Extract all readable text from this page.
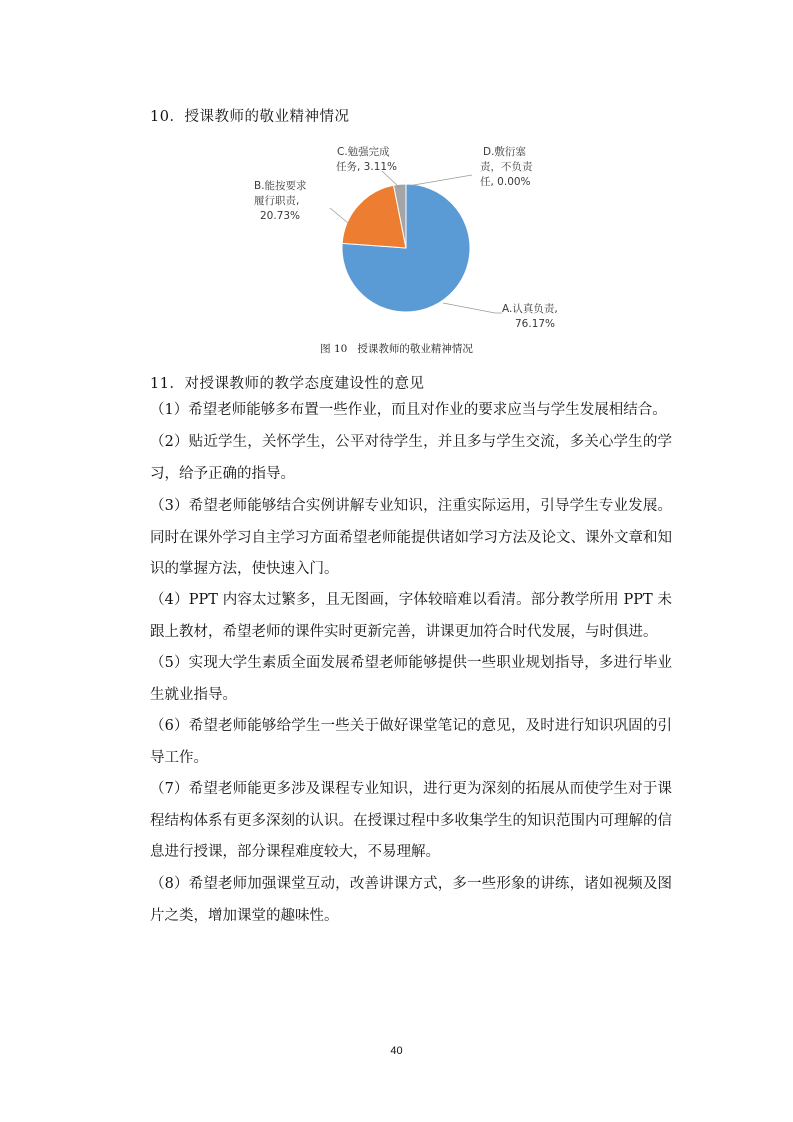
10．授课教师的敬业精神情况
A.认真负责, 76.17%
B.能按要求 履行职责, 20.73%
C.勉强完成 任务, 3.11%
D.敷衍塞 责，不负责 任, 0.00%
图 10 授课教师的敬业精神情况
11．对授课教师的教学态度建设性的意见
（1）希望老师能够多布置一些作业，而且对作业的要求应当与学生发展相结合。
（2）贴近学生，关怀学生，公平对待学生，并且多与学生交流，多关心学生的学习，给予正确的指导。
（3）希望老师能够结合实例讲解专业知识，注重实际运用，引导学生专业发展。同时在课外学习自主学习方面希望老师能提供诸如学习方法及论文、课外文章和知识的掌握方法，使快速入门。
（4）PPT 内容太过繁多，且无图画，字体较暗难以看清。部分教学所用 PPT 未跟上教材，希望老师的课件实时更新完善，讲课更加符合时代发展，与时俱进。
（5）实现大学生素质全面发展希望老师能够提供一些职业规划指导，多进行毕业生就业指导。
（6）希望老师能够给学生一些关于做好课堂笔记的意见，及时进行知识巩固的引导工作。
（7）希望老师能更多涉及课程专业知识，进行更为深刻的拓展从而使学生对于课程结构体系有更多深刻的认识。在授课过程中多收集学生的知识范围内可理解的信息进行授课，部分课程难度较大，不易理解。
（8）希望老师加强课堂互动，改善讲课方式，多一些形象的讲练，诸如视频及图片之类，增加课堂的趣味性。
40
